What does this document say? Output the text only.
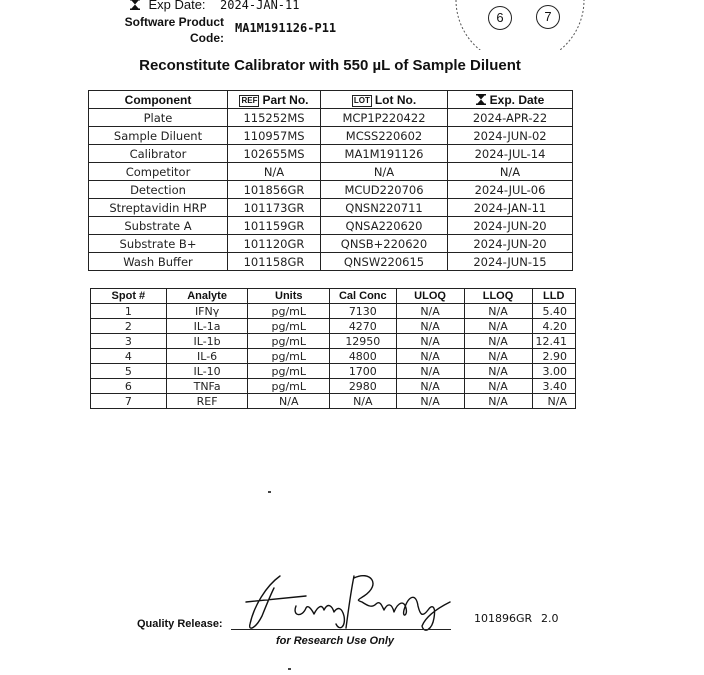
Exp Date: 2024-JAN-11
Software Product
Code:
MA1M191126-P11
6	7
Reconstitute Calibrator with 550 µL of Sample Diluent
Component	REF Part No.	LOT Lot No.	Exp. Date
Plate	115252MS	MCP1P220422	2024-APR-22
Sample Diluent	110957MS	MCSS220602	2024-JUN-02
Calibrator	102655MS	MA1M191126	2024-JUL-14
Competitor	N/A	N/A	N/A
Detection	101856GR	MCUD220706	2024-JUL-06
Streptavidin HRP	101173GR	QNSN220711	2024-JAN-11
Substrate A	101159GR	QNSA220620	2024-JUN-20
Substrate B+	101120GR	QNSB+220620	2024-JUN-20
Wash Buffer	101158GR	QNSW220615	2024-JUN-15
Spot #	Analyte	Units	Cal Conc	ULOQ	LLOQ	LLD
1	IFNγ	pg/mL	7130	N/A	N/A	5.40
2	IL-1a	pg/mL	4270	N/A	N/A	4.20
3	IL-1b	pg/mL	12950	N/A	N/A	12.41
4	IL-6	pg/mL	4800	N/A	N/A	2.90
5	IL-10	pg/mL	1700	N/A	N/A	3.00
6	TNFa	pg/mL	2980	N/A	N/A	3.40
7	REF	N/A	N/A	N/A	N/A	N/A
Quality Release:
for Research Use Only
101896GR 2.0
